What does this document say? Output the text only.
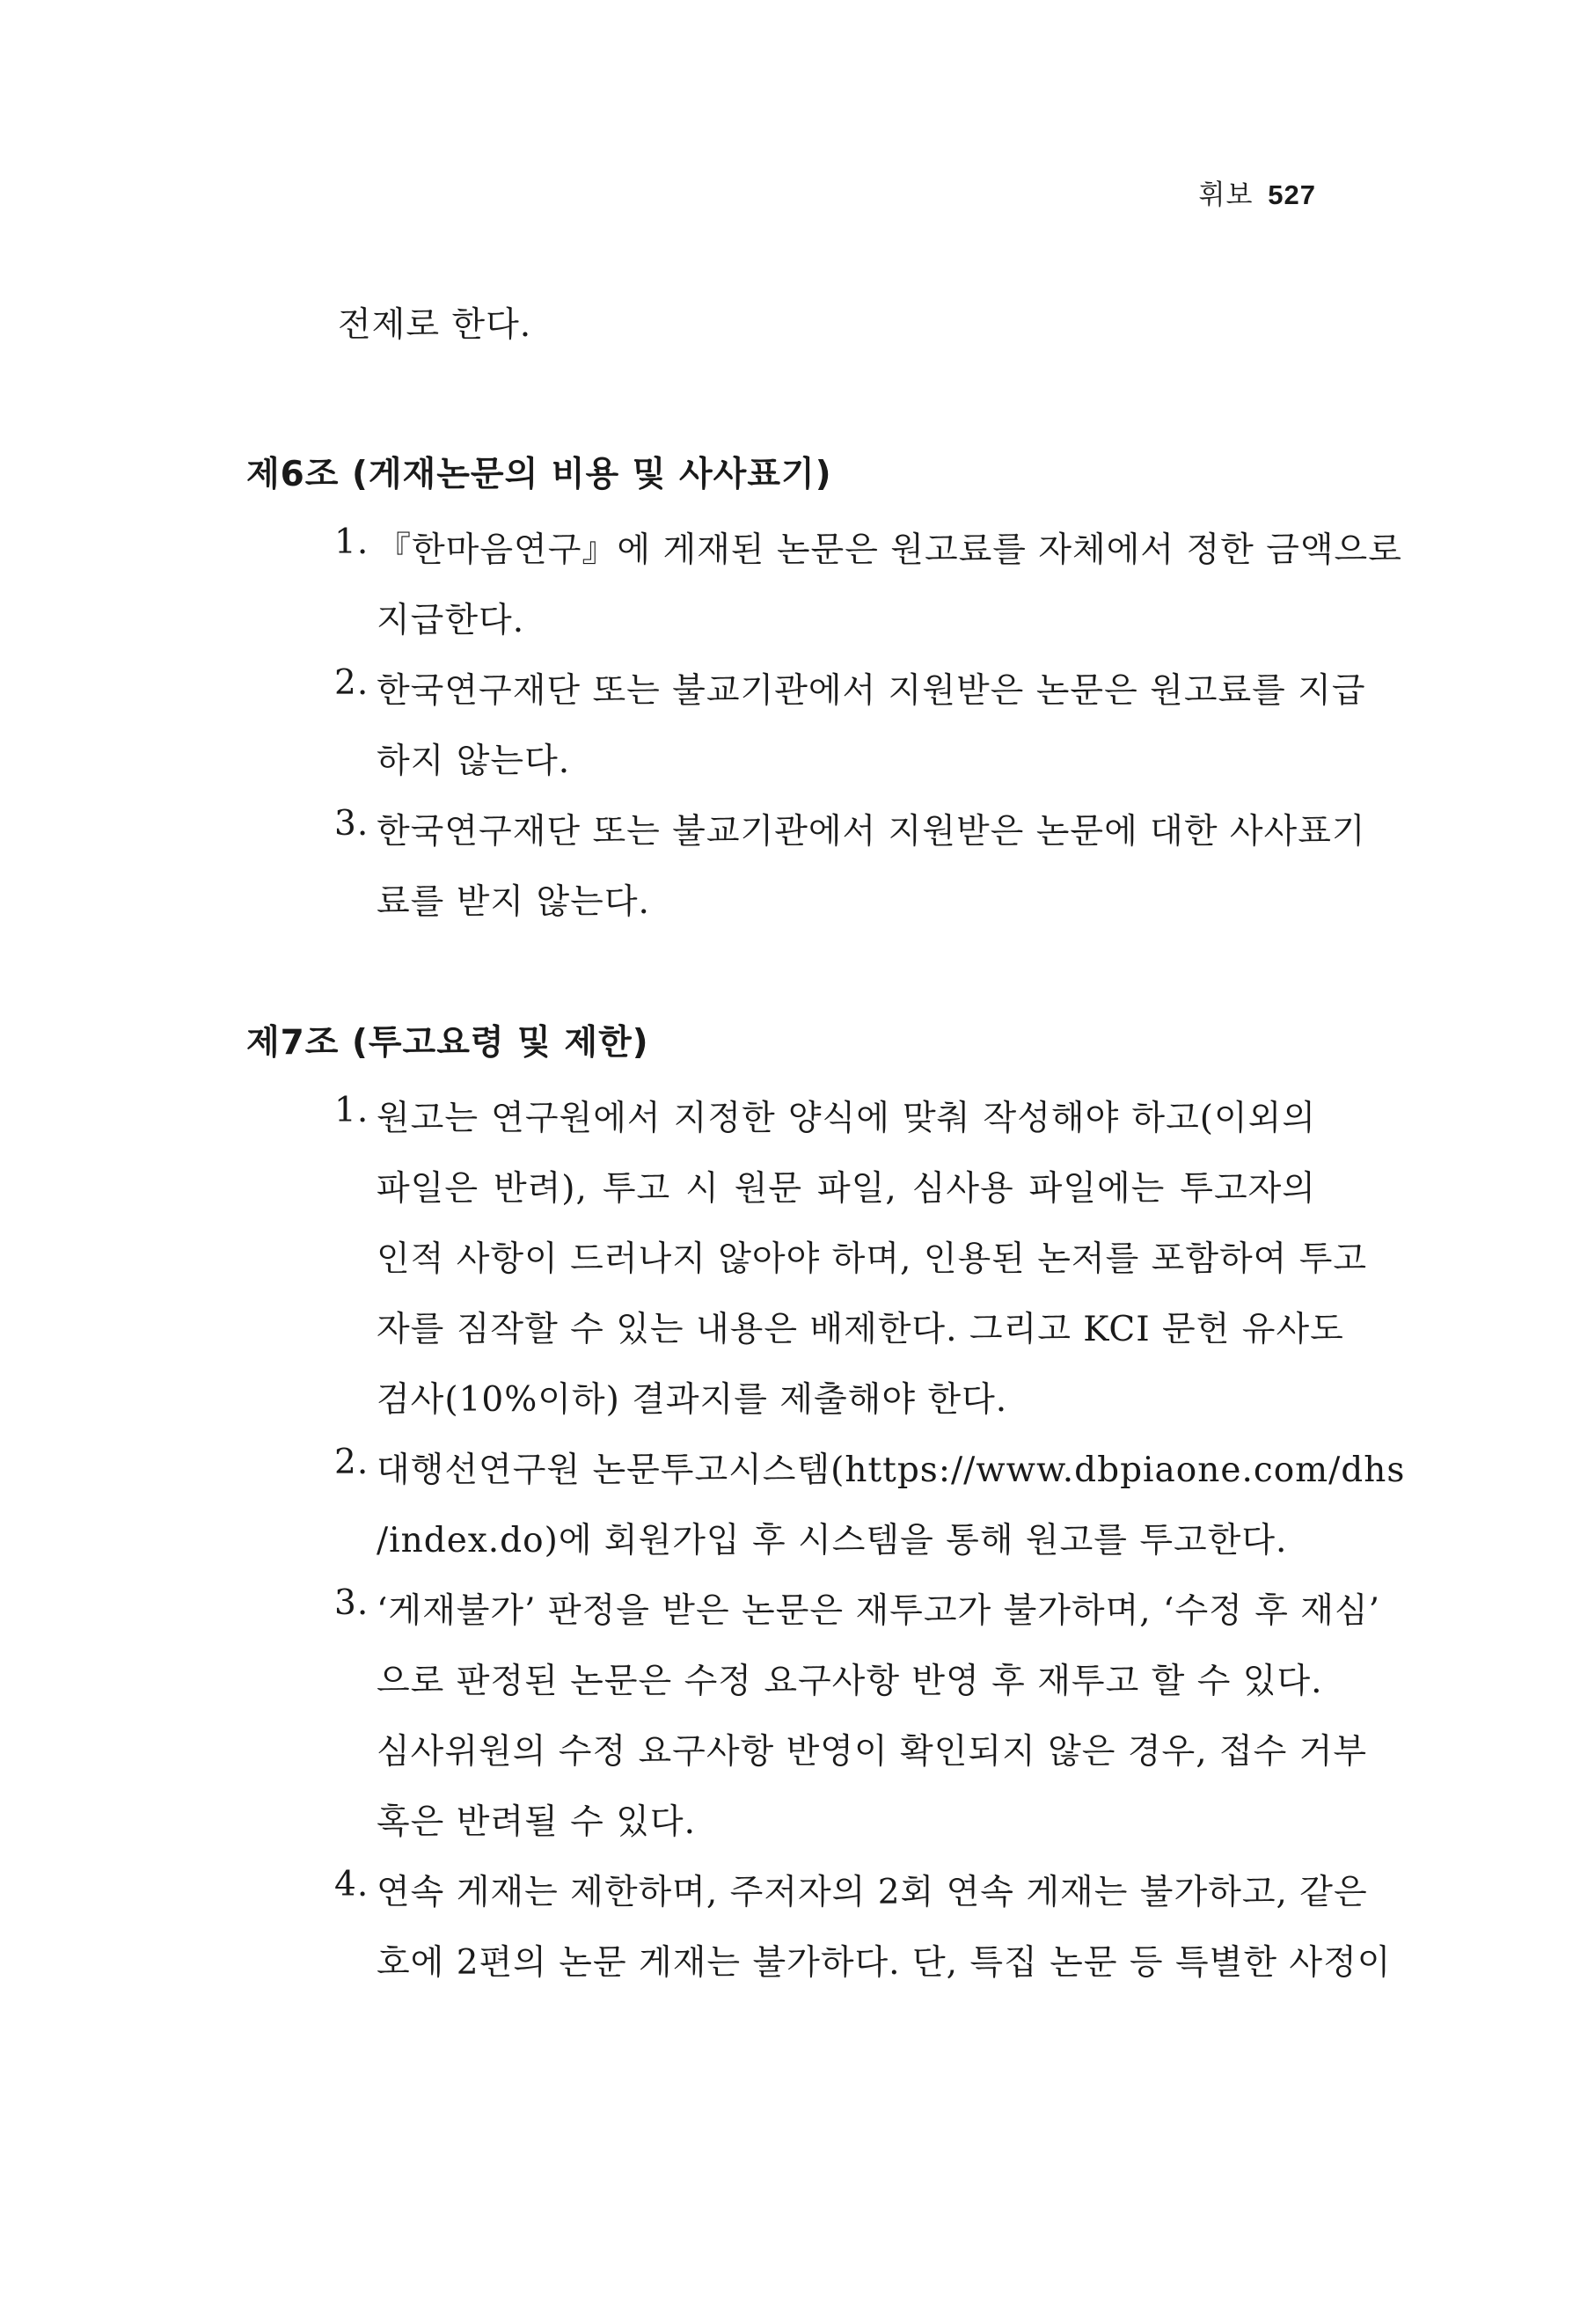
휘보 527
전제로 한다.
제6조 (게재논문의 비용 및 사사표기)
1. 『한마음연구』에 게재된 논문은 원고료를 자체에서 정한 금액으로
지급한다.
2. 한국연구재단 또는 불교기관에서 지원받은 논문은 원고료를 지급
하지 않는다.
3. 한국연구재단 또는 불교기관에서 지원받은 논문에 대한 사사표기
료를 받지 않는다.
제7조 (투고요령 및 제한)
1. 원고는 연구원에서 지정한 양식에 맞춰 작성해야 하고(이외의
파일은 반려), 투고 시 원문 파일, 심사용 파일에는 투고자의
인적 사항이 드러나지 않아야 하며, 인용된 논저를 포함하여 투고
자를 짐작할 수 있는 내용은 배제한다. 그리고 KCI 문헌 유사도
검사(10%이하) 결과지를 제출해야 한다.
2. 대행선연구원 논문투고시스템(https://www.dbpiaone.com/dhs
/index.do)에 회원가입 후 시스템을 통해 원고를 투고한다.
3. ‘게재불가’ 판정을 받은 논문은 재투고가 불가하며, ‘수정 후 재심’
으로 판정된 논문은 수정 요구사항 반영 후 재투고 할 수 있다.
심사위원의 수정 요구사항 반영이 확인되지 않은 경우, 접수 거부
혹은 반려될 수 있다.
4. 연속 게재는 제한하며, 주저자의 2회 연속 게재는 불가하고, 같은
호에 2편의 논문 게재는 불가하다. 단, 특집 논문 등 특별한 사정이
